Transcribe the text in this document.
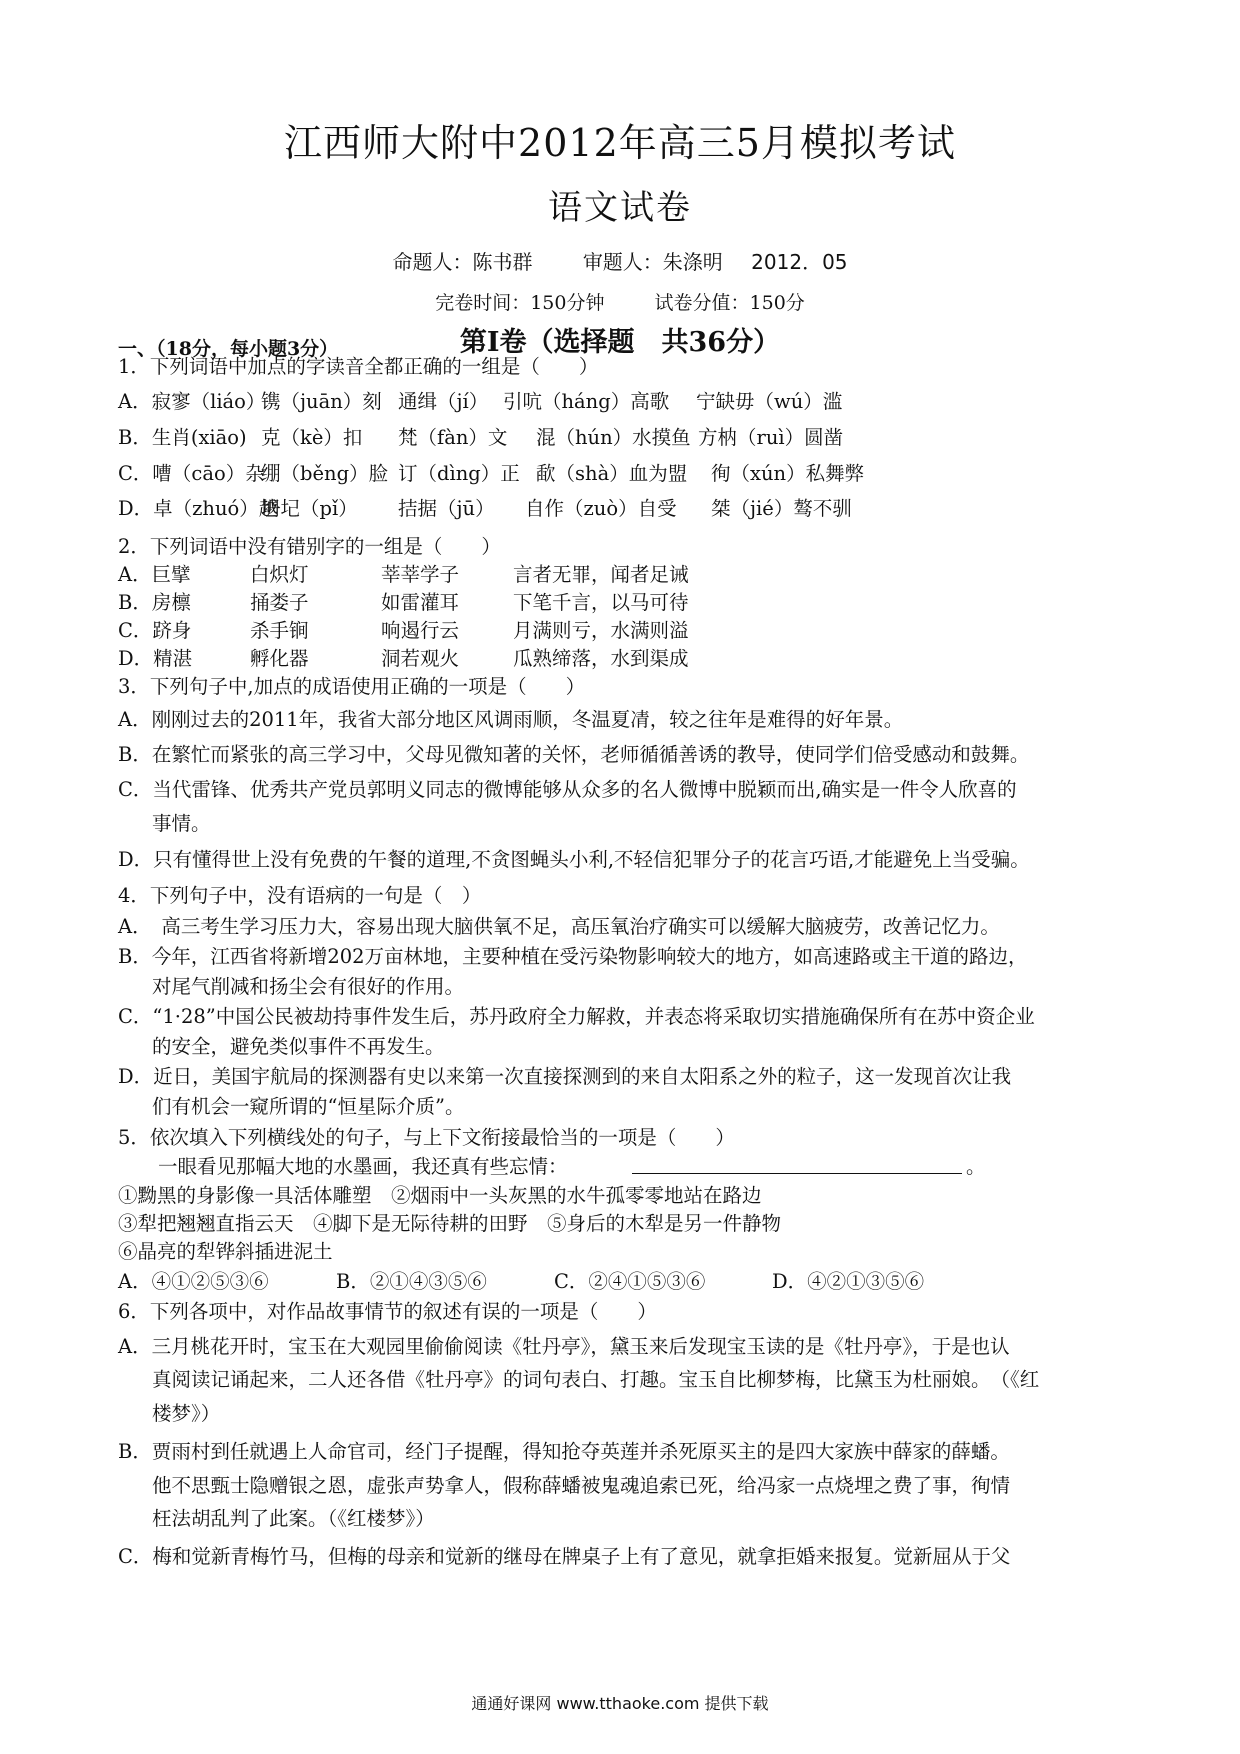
江西师大附中2012年高三5月模拟考试
语文试卷
命题人：陈书群	审题人：朱涤明 2012．05
完卷时间：150分钟	试卷分值：150分
第Ⅰ卷（选择题　共36分）
一、（18分，每小题3分）
1．下列词语中加点的字读音全都正确的一组是（　　）
A．寂寥（liáo）
镌（juān）刻 通缉（jí） 引吭（háng）高歌 宁缺毋（wú）滥
B．生肖(xiāo) 克（kè）扣 梵（fàn）文 混（hún）水摸鱼 方枘（ruì）圆凿
C．嘈（cāo）杂
绷（běng）脸 订（dìng）正 歃（shà）血为盟 徇（xún）私舞弊
D．卓（zhuó）越
坍圮（pǐ） 拮据（jū） 自作（zuò）自受 桀（jié）骜不驯
2．下列词语中没有错别字的一组是（　　）
A．巨擘	白炽灯	莘莘学子	言者无罪，闻者足诫
B．房檩	捅娄子	如雷灌耳	下笔千言，以马可待
C．跻身	杀手锏	响遏行云	月满则亏，水满则溢
D．精湛	孵化器	洞若观火	瓜熟缔落，水到渠成
3．下列句子中,加点的成语使用正确的一项是（　　）
A．刚刚过去的2011年，我省大部分地区风调雨顺，冬温夏凊，较之往年是难得的好年景。
B．在繁忙而紧张的高三学习中，父母见微知著的关怀，老师循循善诱的教导，使同学们倍受感动和鼓舞。
C．当代雷锋、优秀共产党员郭明义同志的微博能够从众多的名人微博中脱颖而出,确实是一件令人欣喜的
事情。
D．只有懂得世上没有免费的午餐的道理,不贪图蝇头小利,不轻信犯罪分子的花言巧语,才能避免上当受骗。
4．下列句子中，没有语病的一句是（　）
A．　高三考生学习压力大，容易出现大脑供氧不足，高压氧治疗确实可以缓解大脑疲劳，改善记忆力。
B．今年，江西省将新增202万亩林地，主要种植在受污染物影响较大的地方，如高速路或主干道的路边，
对尾气削减和扬尘会有很好的作用。
C．“1·28”中国公民被劫持事件发生后，苏丹政府全力解救，并表态将采取切实措施确保所有在苏中资企业
的安全，避免类似事件不再发生。
D．近日，美国宇航局的探测器有史以来第一次直接探测到的来自太阳系之外的粒子，这一发现首次让我
们有机会一窥所谓的“恒星际介质”。
5．依次填入下列横线处的句子，与上下文衔接最恰当的一项是（　　）
一眼看见那幅大地的水墨画，我还真有些忘情：	。
①黝黑的身影像一具活体雕塑　②烟雨中一头灰黑的水牛孤零零地站在路边
③犁把翘翘直指云天　④脚下是无际待耕的田野　⑤身后的木犁是另一件静物
⑥晶亮的犁铧斜插进泥土
A．④①②⑤③⑥	B．②①④③⑤⑥	C．②④①⑤③⑥	D．④②①③⑤⑥
6．下列各项中，对作品故事情节的叙述有误的一项是（　　）
A．三月桃花开时，宝玉在大观园里偷偷阅读《牡丹亭》，黛玉来后发现宝玉读的是《牡丹亭》，于是也认
真阅读记诵起来，二人还各借《牡丹亭》的词句表白、打趣。宝玉自比柳梦梅，比黛玉为杜丽娘。　（《红
楼梦》）
B．贾雨村到任就遇上人命官司，经门子提醒，得知抢夺英莲并杀死原买主的是四大家族中薛家的薛蟠。
他不思甄士隐赠银之恩，虚张声势拿人，假称薛蟠被鬼魂追索已死，给冯家一点烧埋之费了事，徇情
枉法胡乱判了此案。（《红楼梦》）
C．梅和觉新青梅竹马，但梅的母亲和觉新的继母在牌桌子上有了意见，就拿拒婚来报复。觉新屈从于父
通通好课网 www.tthaoke.com 提供下载
